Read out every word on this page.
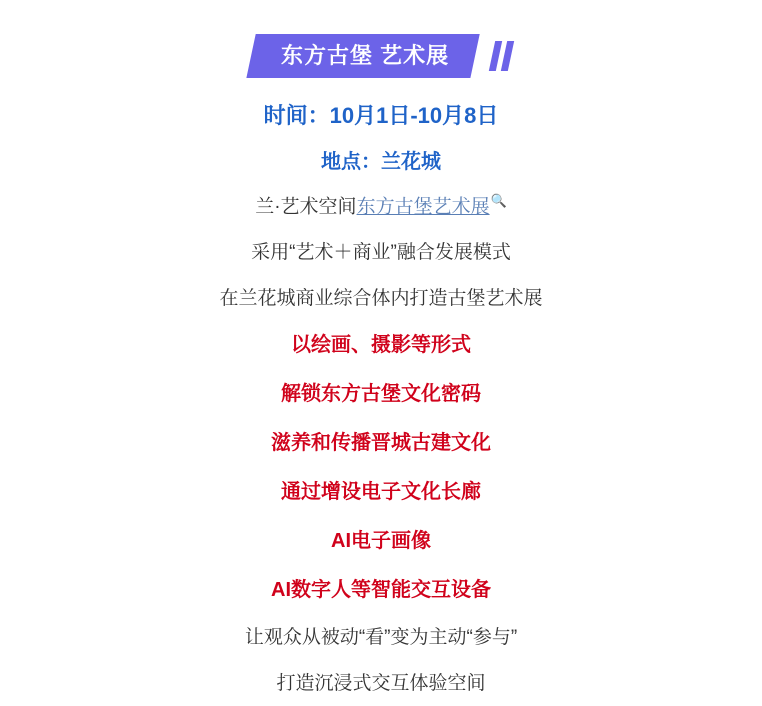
东方古堡 艺术展
时间：10月1日-10月8日
地点：兰花城
兰·艺术空间东方古堡艺术展🔍
采用“艺术＋商业”融合发展模式
在兰花城商业综合体内打造古堡艺术展
以绘画、摄影等形式
解锁东方古堡文化密码
滋养和传播晋城古建文化
通过增设电子文化长廊
AI电子画像
AI数字人等智能交互设备
让观众从被动“看”变为主动“参与”
打造沉浸式交互体验空间
